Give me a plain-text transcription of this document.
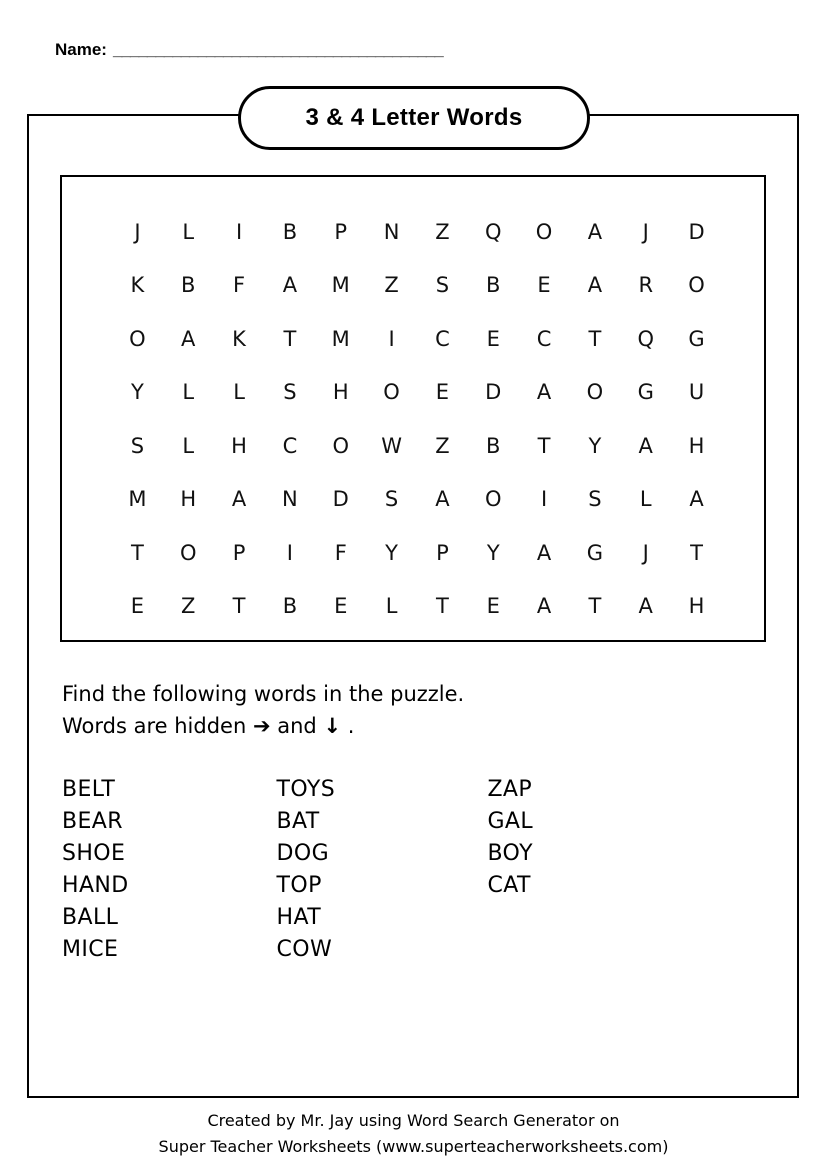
Name: _______________________________________
3 & 4 Letter Words
J	L	I	B	P	N	Z	Q	O	A	J	D
K	B	F	A	M	Z	S	B	E	A	R	O
O	A	K	T	M	I	C	E	C	T	Q	G
Y	L	L	S	H	O	E	D	A	O	G	U
S	L	H	C	O	W	Z	B	T	Y	A	H
M	H	A	N	D	S	A	O	I	S	L	A
T	O	P	I	F	Y	P	Y	A	G	J	T
E	Z	T	B	E	L	T	E	A	T	A	H
Find the following words in the puzzle.
Words are hidden ➔ and ↓ .
BELT
BEAR
SHOE
HAND
BALL
MICE
TOYS
BAT
DOG
TOP
HAT
COW
ZAP
GAL
BOY
CAT
Created by Mr. Jay using Word Search Generator on
Super Teacher Worksheets (www.superteacherworksheets.com)
